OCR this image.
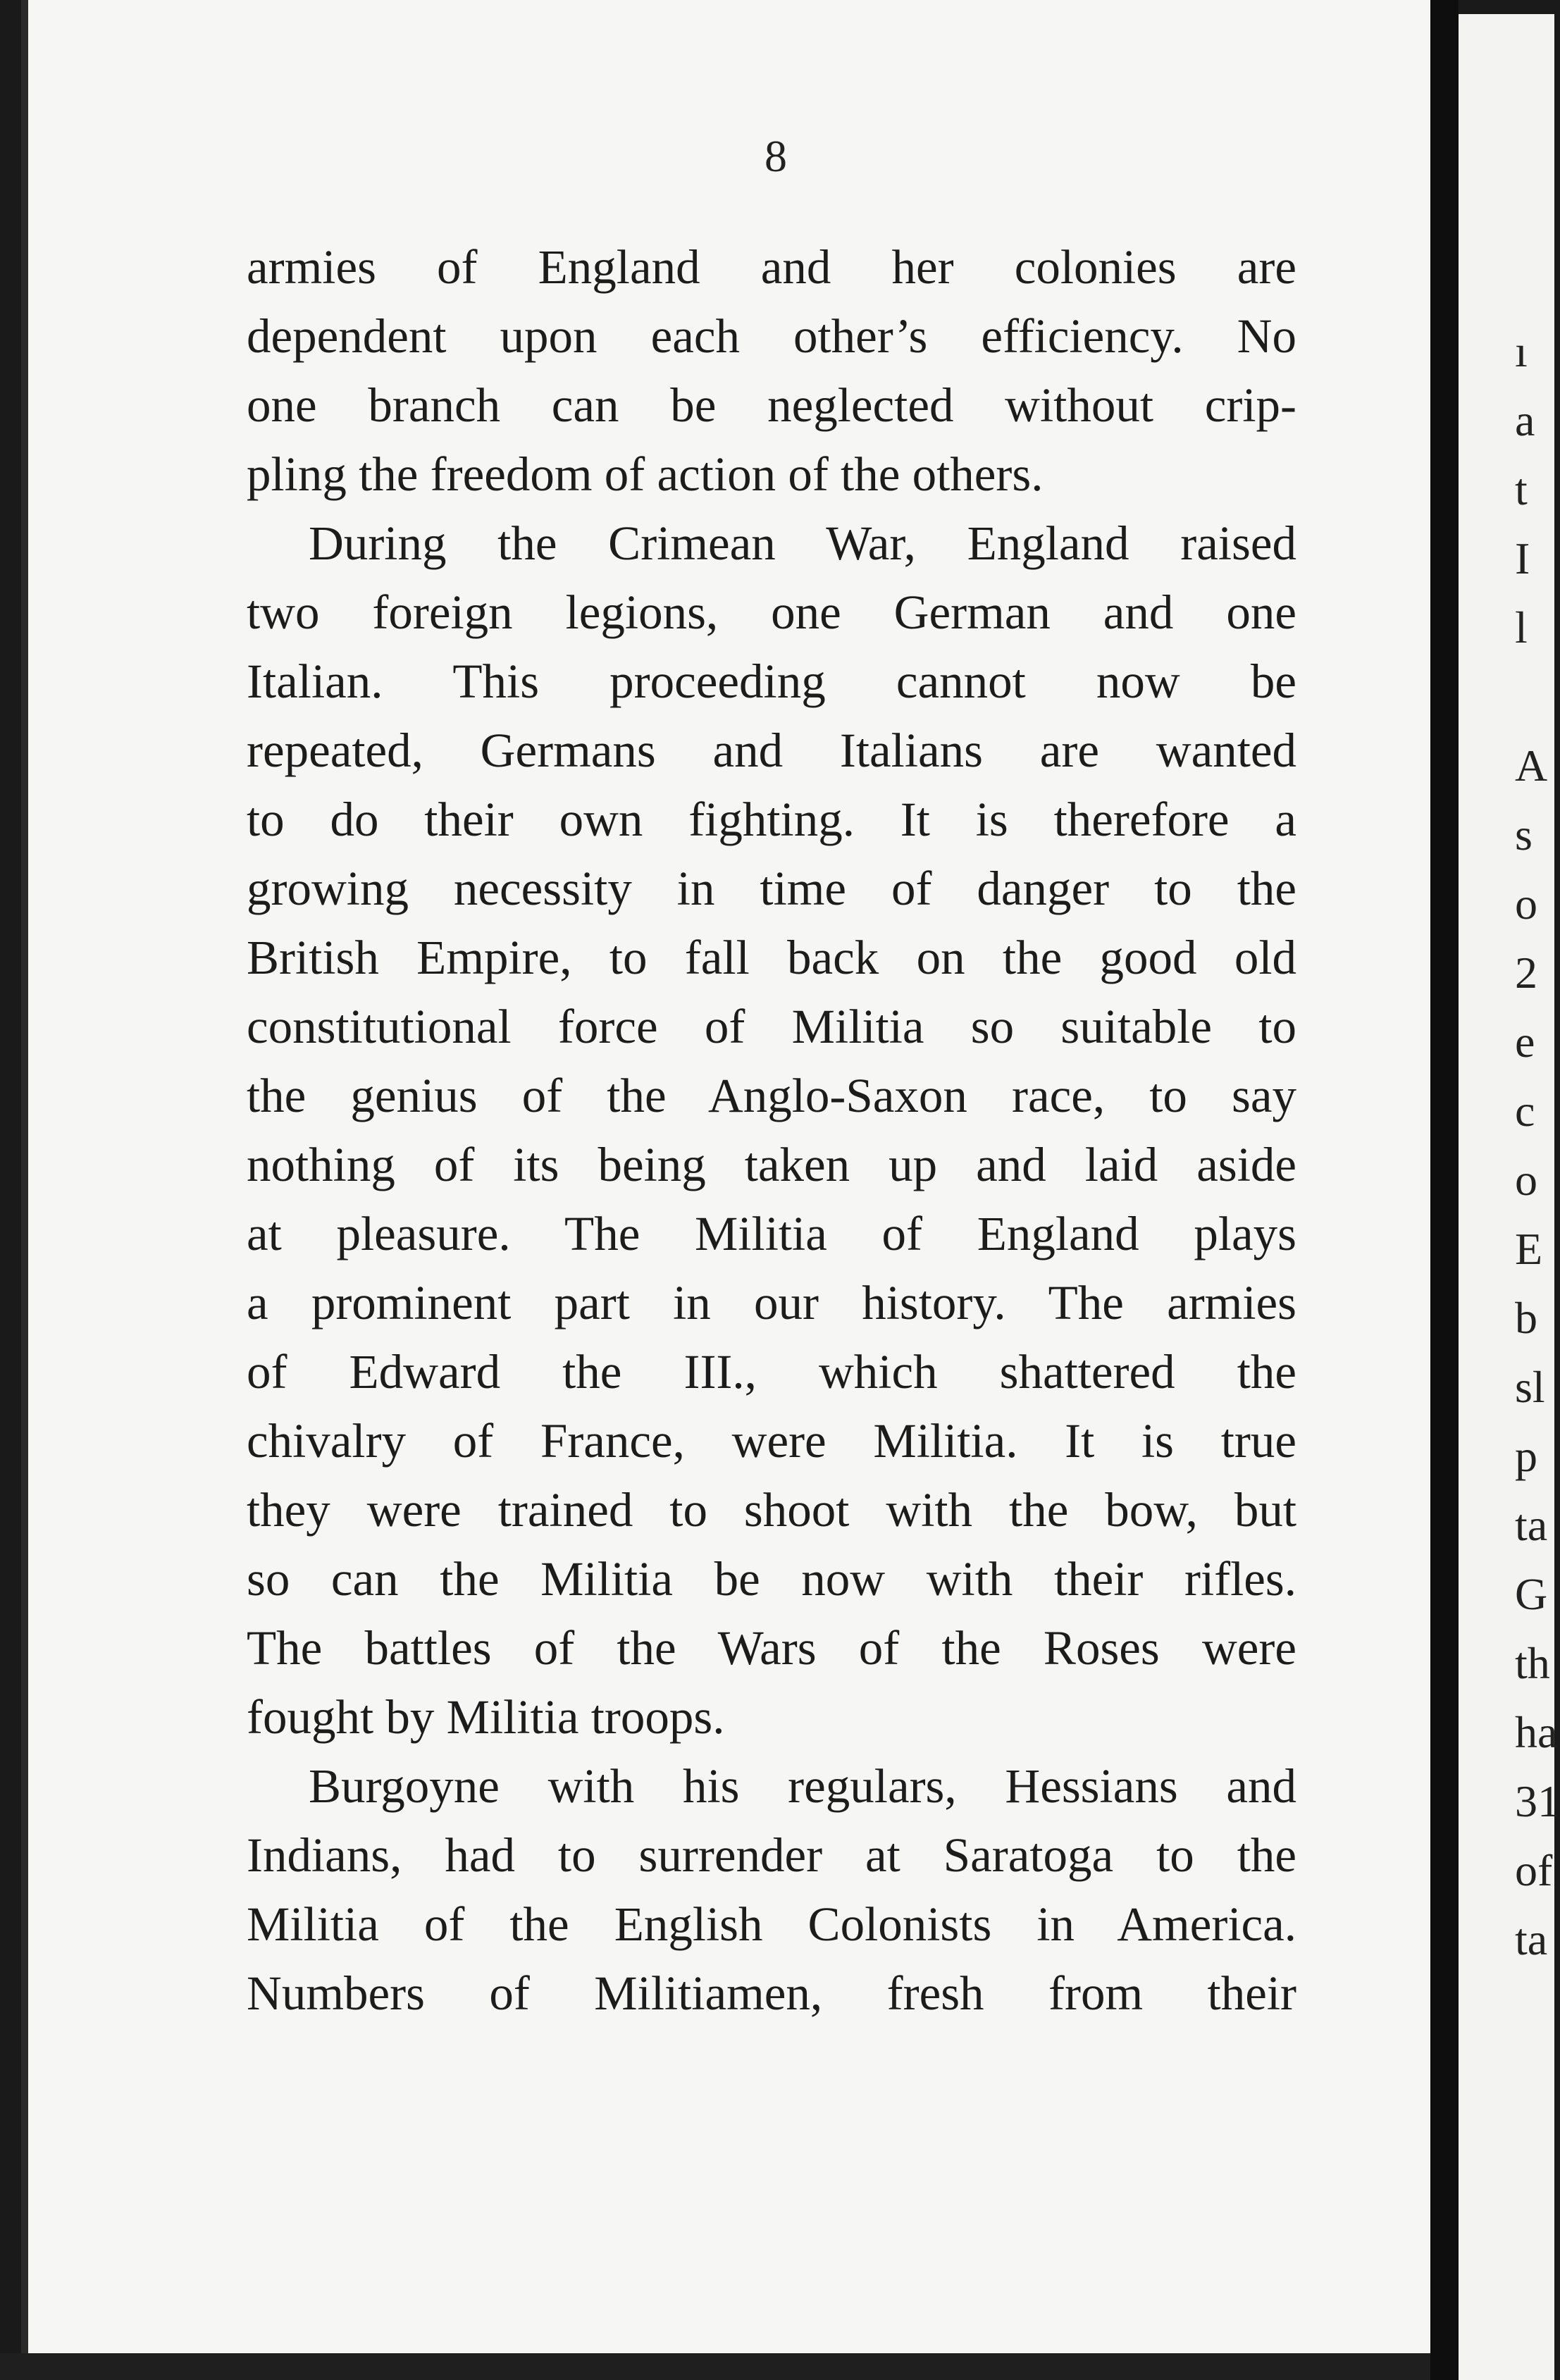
8
armies of England and her colonies are
dependent upon each other’s efficiency. No
one branch can be neglected without crip-
pling the freedom of action of the others.
During the Crimean War, England raised
two foreign legions, one German and one
Italian. This proceeding cannot now be
repeated, Germans and Italians are wanted
to do their own fighting. It is therefore a
growing necessity in time of danger to the
British Empire, to fall back on the good old
constitutional force of Militia so suitable to
the genius of the Anglo-Saxon race, to say
nothing of its being taken up and laid aside
at pleasure. The Militia of England plays
a prominent part in our history. The armies
of Edward the III., which shattered the
chivalry of France, were Militia. It is true
they were trained to shoot with the bow, but
so can the Militia be now with their rifles.
The battles of the Wars of the Roses were
fought by Militia troops.
Burgoyne with his regulars, Hessians and
Indians, had to surrender at Saratoga to the
Militia of the English Colonists in America.
Numbers of Militiamen, fresh from their
ı
a
t
I
l
A
s
o
2
e
c
o
E
b
sl
p
ta
G
th
ha
31
of
ta
